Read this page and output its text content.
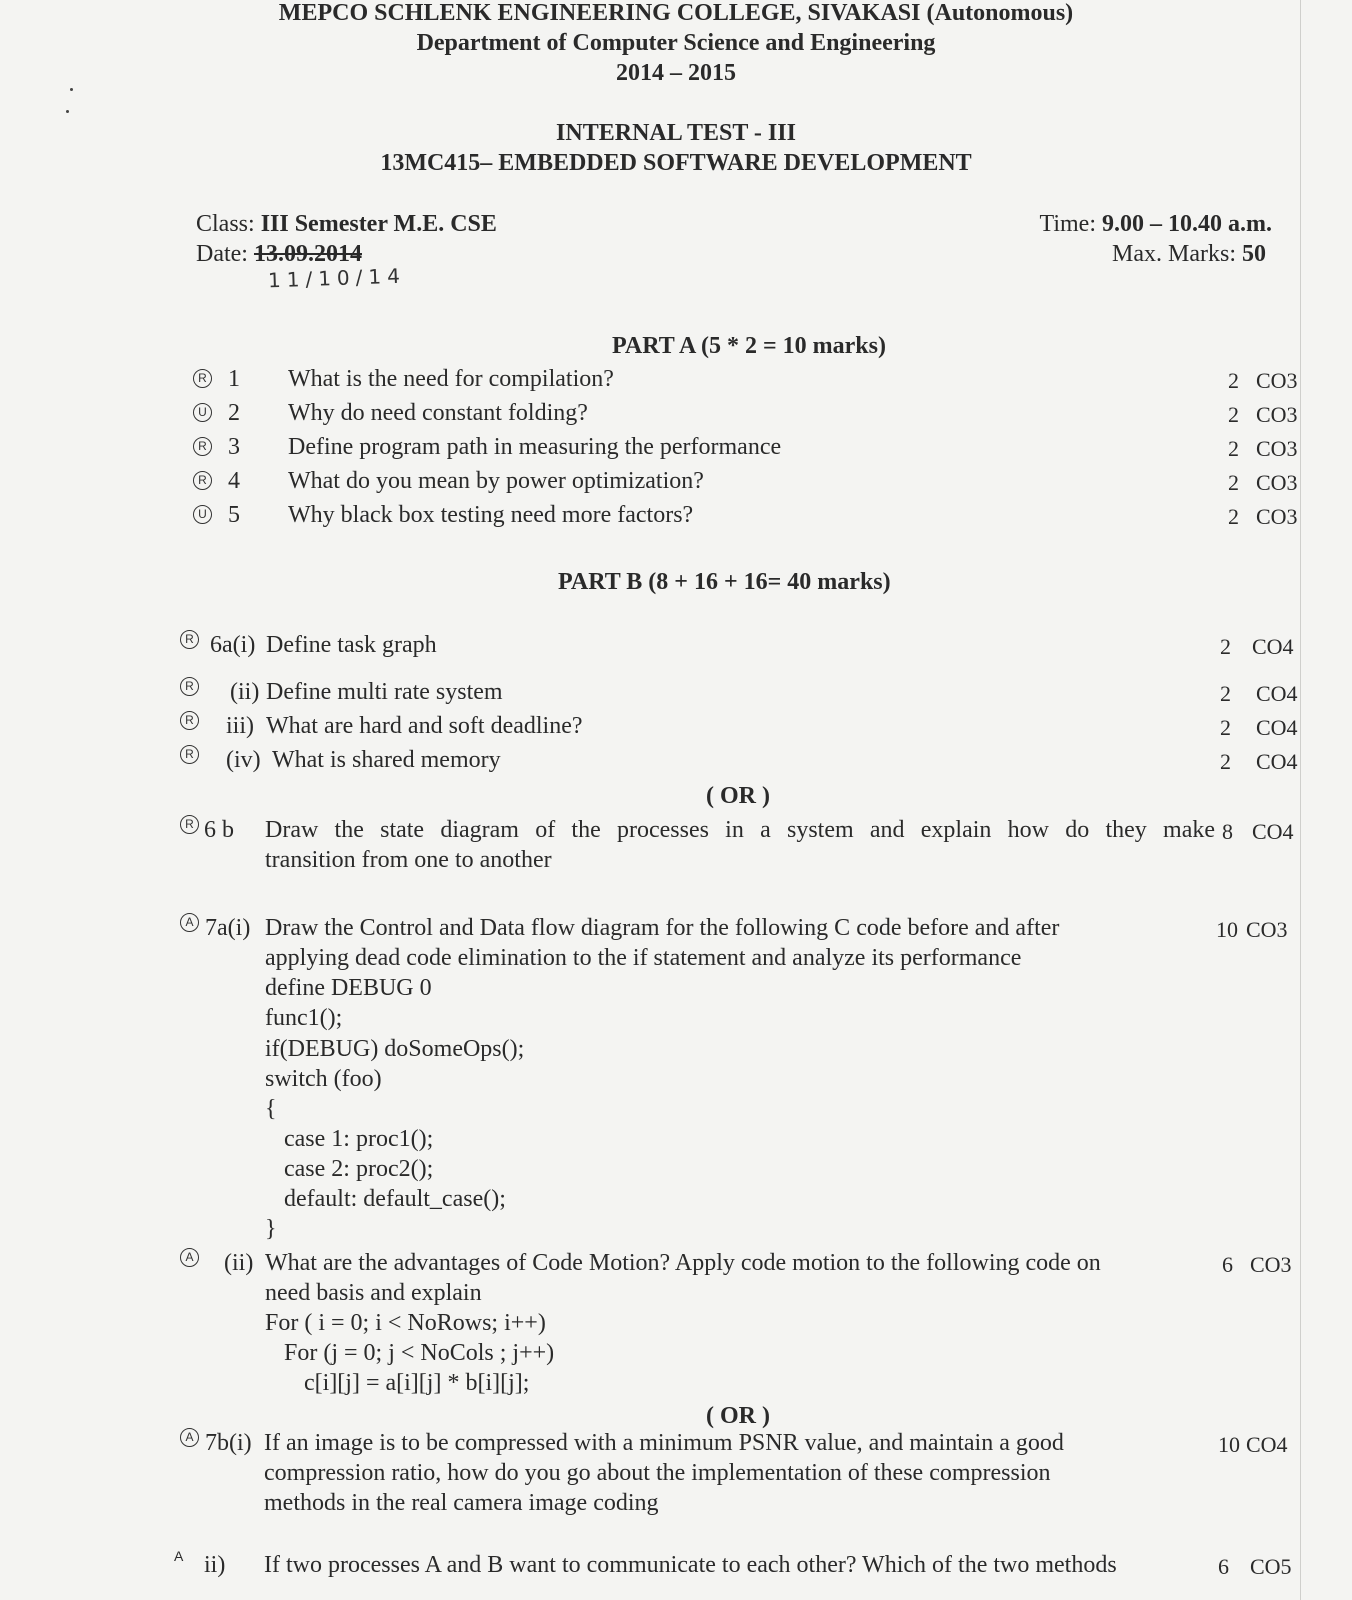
MEPCO SCHLENK ENGINEERING COLLEGE, SIVAKASI (Autonomous)
Department of Computer Science and Engineering
2014 – 2015
INTERNAL TEST - III
13MC415– EMBEDDED SOFTWARE DEVELOPMENT
Class: III Semester M.E. CSE
Date: 13.09.2014
11/10/14
Time: 9.00 – 10.40 a.m.
Max. Marks: 50
PART A (5 * 2 = 10 marks)
R 1 What is the need for compilation?	2 CO3
U 2 Why do need constant folding?	2 CO3
R 3 Define program path in measuring the performance	2 CO3
R 4 What do you mean by power optimization?	2 CO3
U 5 Why black box testing need more factors?	2 CO3
PART B (8 + 16 + 16= 40 marks)
R 6a(i) Define task graph	2 CO4
R (ii) Define multi rate system	2 CO4
R iii) What are hard and soft deadline?	2 CO4
R (iv) What is shared memory	2 CO4
( OR )
R 6 b Draw the state diagram of the processes in a system and explain how do they make
transition from one to another
8 CO4
A 7a(i) Draw the Control and Data flow diagram for the following C code before and after
applying dead code elimination to the if statement and analyze its performance
10 CO3
define DEBUG 0
func1();
if(DEBUG) doSomeOps();
switch (foo)
{
case 1: proc1();
case 2: proc2();
default: default_case();
}
A (ii) What are the advantages of Code Motion? Apply code motion to the following code on
need basis and explain
6 CO3
For ( i = 0; i < NoRows; i++)
For (j = 0; j < NoCols ; j++)
c[i][j] = a[i][j] * b[i][j];
( OR )
A 7b(i) If an image is to be compressed with a minimum PSNR value, and maintain a good
compression ratio, how do you go about the implementation of these compression
methods in the real camera image coding
10 CO4
A ii) If two processes A and B want to communicate to each other? Which of the two methods	6 CO5
